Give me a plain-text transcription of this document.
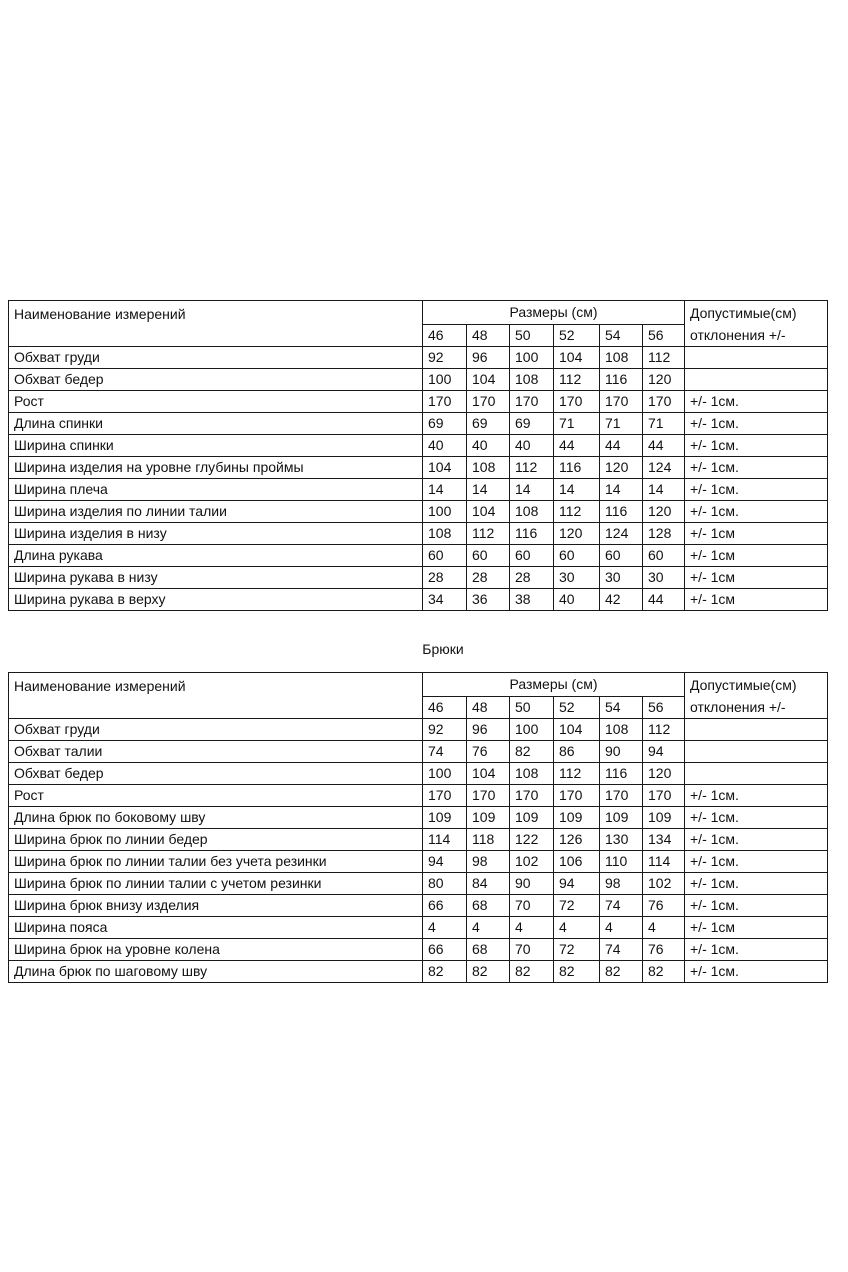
Наименование измерений	Размеры (см)						Допустимые(см)
	46	48	50	52	54	56	отклонения +/-
Обхват груди	92	96	100	104	108	112	
Обхват бедер	100	104	108	112	116	120	
Рост	170	170	170	170	170	170	+/- 1см.
Длина спинки	69	69	69	71	71	71	+/- 1см.
Ширина спинки	40	40	40	44	44	44	+/- 1см.
Ширина изделия на уровне глубины проймы	104	108	112	116	120	124	+/- 1см.
Ширина плеча	14	14	14	14	14	14	+/- 1см.
Ширина изделия по линии талии	100	104	108	112	116	120	+/- 1см.
Ширина изделия в низу	108	112	116	120	124	128	+/- 1см
Длина рукава	60	60	60	60	60	60	+/- 1см
Ширина рукава в низу	28	28	28	30	30	30	+/- 1см
Ширина рукава в верху	34	36	38	40	42	44	+/- 1см
Брюки
Наименование измерений	Размеры (см)						Допустимые(см)
	46	48	50	52	54	56	отклонения +/-
Обхват груди	92	96	100	104	108	112	
Обхват талии	74	76	82	86	90	94	
Обхват бедер	100	104	108	112	116	120	
Рост	170	170	170	170	170	170	+/- 1см.
Длина брюк по боковому шву	109	109	109	109	109	109	+/- 1см.
Ширина брюк по линии бедер	114	118	122	126	130	134	+/- 1см.
Ширина брюк по линии талии без учета резинки	94	98	102	106	110	114	+/- 1см.
Ширина брюк по линии талии с учетом резинки	80	84	90	94	98	102	+/- 1см.
Ширина брюк внизу изделия	66	68	70	72	74	76	+/- 1см.
Ширина пояса	4	4	4	4	4	4	+/- 1см
Ширина брюк на уровне колена	66	68	70	72	74	76	+/- 1см.
Длина брюк по шаговому шву	82	82	82	82	82	82	+/- 1см.
